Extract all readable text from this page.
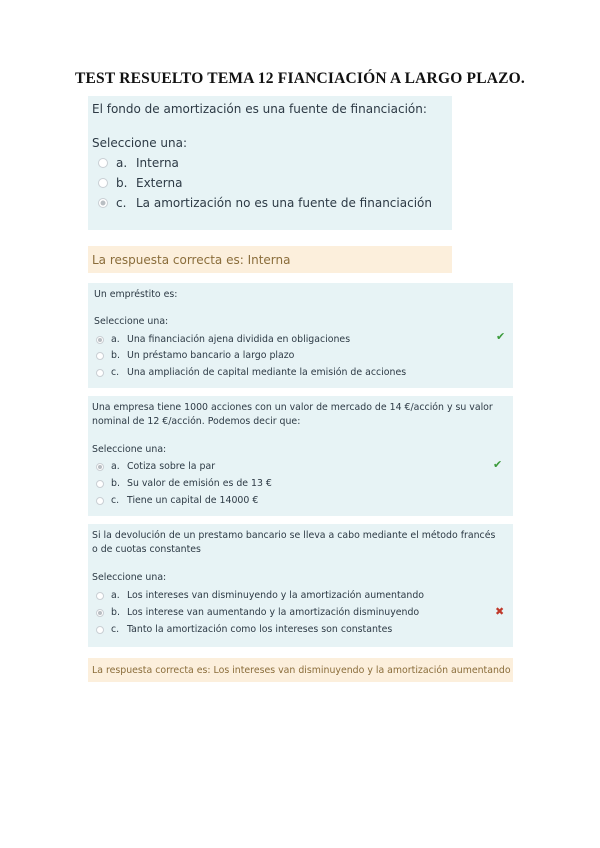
TEST RESUELTO TEMA 12 FIANCIACIÓN A LARGO PLAZO.
El fondo de amortización es una fuente de financiación:
Seleccione una:
a. Interna
b. Externa
c. La amortización no es una fuente de financiación
La respuesta correcta es: Interna
Un empréstito es:
Seleccione una:
a. Una financiación ajena dividida en obligaciones
b. Un préstamo bancario a largo plazo
c. Una ampliación de capital mediante la emisión de acciones
✔
Una empresa tiene 1000 acciones con un valor de mercado de 14 €/acción y su valor nominal de 12 €/acción. Podemos decir que:
Seleccione una:
a. Cotiza sobre la par
b. Su valor de emisión es de 13 €
c. Tiene un capital de 14000 €
✔
Si la devolución de un prestamo bancario se lleva a cabo mediante el método francés o de cuotas constantes
Seleccione una:
a. Los intereses van disminuyendo y la amortización aumentando
b. Los interese van aumentando y la amortización disminuyendo
c. Tanto la amortización como los intereses son constantes
✖
La respuesta correcta es: Los intereses van disminuyendo y la amortización aumentando
